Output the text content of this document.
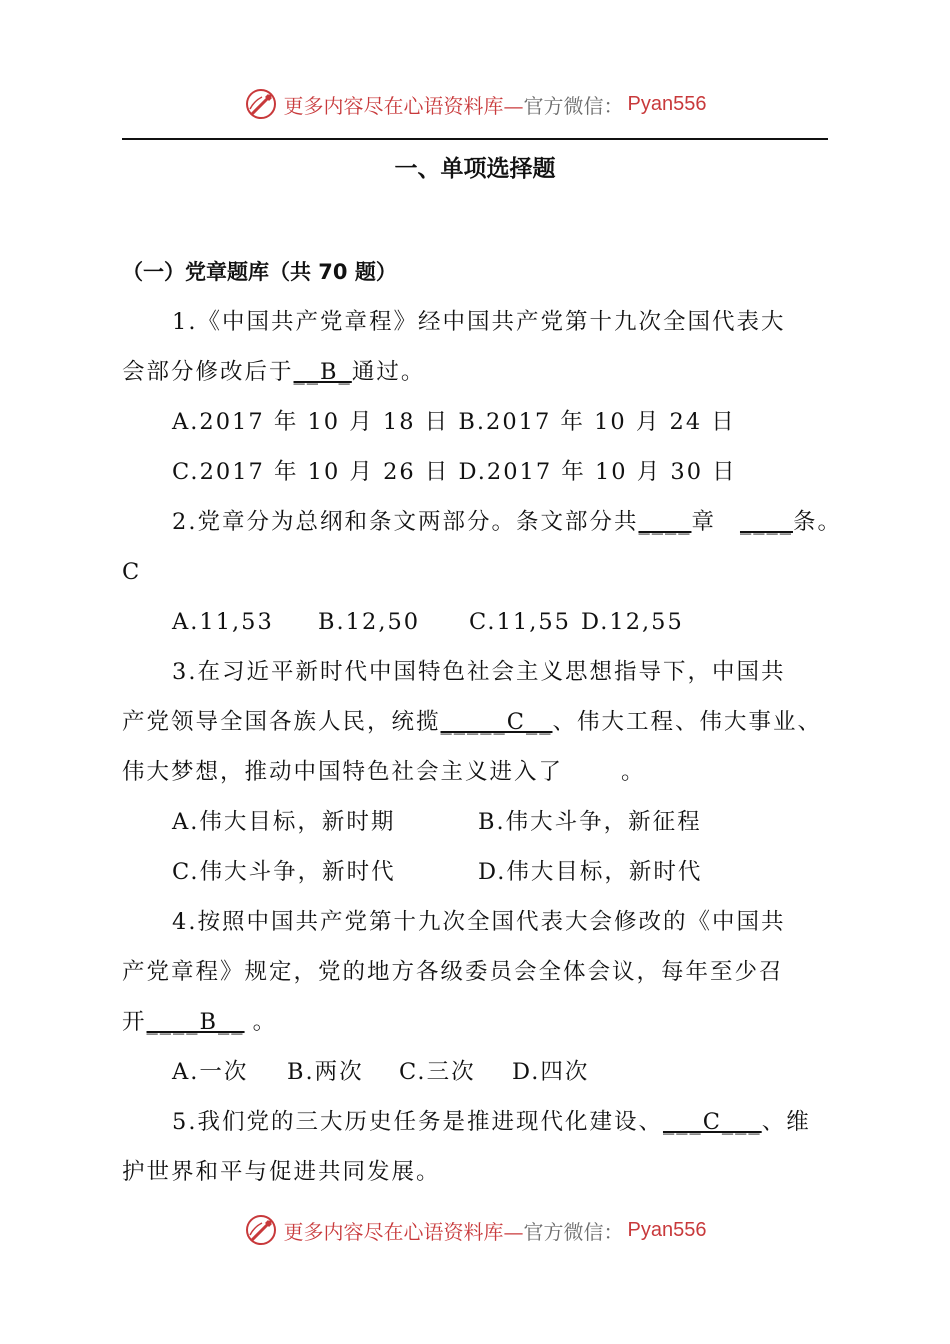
更多内容尽在心语资料库— 官方微信： Pyan556
一、单项选择题
（一）党章题库（共 70 题）
1.《中国共产党章程》经中国共产党第十九次全国代表大
会部分修改后于__B_通过。
A.2017 年 10 月 18 日 B.2017 年 10 月 24 日
C.2017 年 10 月 26 日 D.2017 年 10 月 30 日
2.党章分为总纲和条文两部分。条文部分共____章 ____条。
C
A.11,53 B.12,50 C.11,55 D.12,55
3.在习近平新时代中国特色社会主义思想指导下，中国共
产党领导全国各族人民，统揽_____C__、伟大工程、伟大事业、
伟大梦想，推动中国特色社会主义进入了	。
A.伟大目标，新时期	B.伟大斗争，新征程
C.伟大斗争，新时代	D.伟大目标，新时代
4.按照中国共产党第十九次全国代表大会修改的《中国共
产党章程》规定，党的地方各级委员会全体会议，每年至少召
开____B__ 。
A.一次 B.两次 C.三次 D.四次
5.我们党的三大历史任务是推进现代化建设、___C___、维
护世界和平与促进共同发展。
更多内容尽在心语资料库— 官方微信： Pyan556
